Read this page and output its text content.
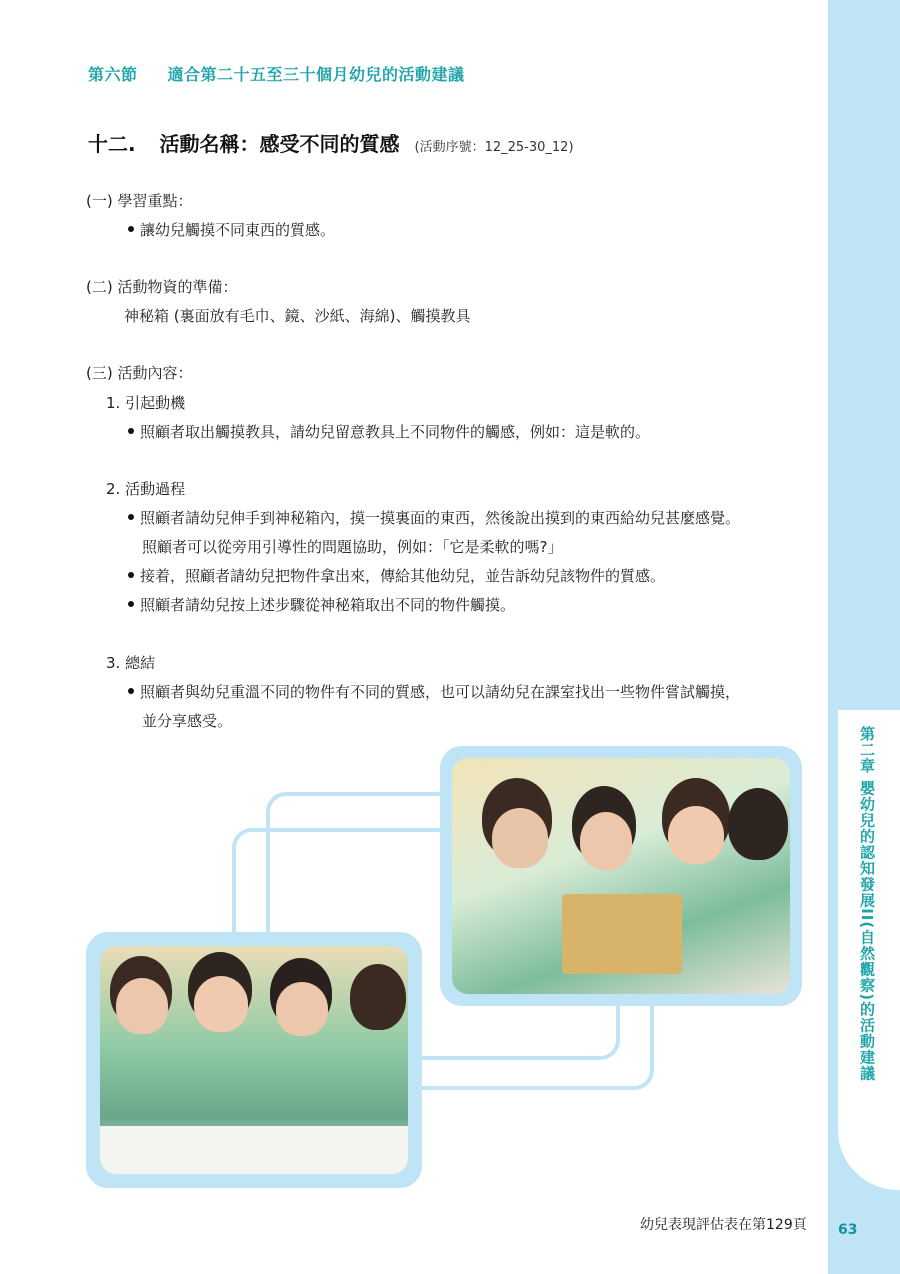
第二章 嬰幼兒的認知發展II(自然觀察)的活動建議
第六節 適合第二十五至三十個月幼兒的活動建議
十二. 活動名稱：感受不同的質感 (活動序號：12_25-30_12)
(一) 學習重點：
讓幼兒觸摸不同東西的質感。
(二) 活動物資的準備：
神秘箱 (裏面放有毛巾、鏡、沙紙、海綿)、觸摸教具
(三) 活動內容：
1. 引起動機
照顧者取出觸摸教具，請幼兒留意教具上不同物件的觸感，例如：這是軟的。
2. 活動過程
照顧者請幼兒伸手到神秘箱內，摸一摸裏面的東西，然後說出摸到的東西給幼兒甚麼感覺。
照顧者可以從旁用引導性的問題協助，例如：「它是柔軟的嗎?」
接着，照顧者請幼兒把物件拿出來，傳給其他幼兒，並告訴幼兒該物件的質感。
照顧者請幼兒按上述步驟從神秘箱取出不同的物件觸摸。
3. 總結
照顧者與幼兒重溫不同的物件有不同的質感，也可以請幼兒在課室找出一些物件嘗試觸摸，
並分享感受。
幼兒表現評估表在第129頁 63
